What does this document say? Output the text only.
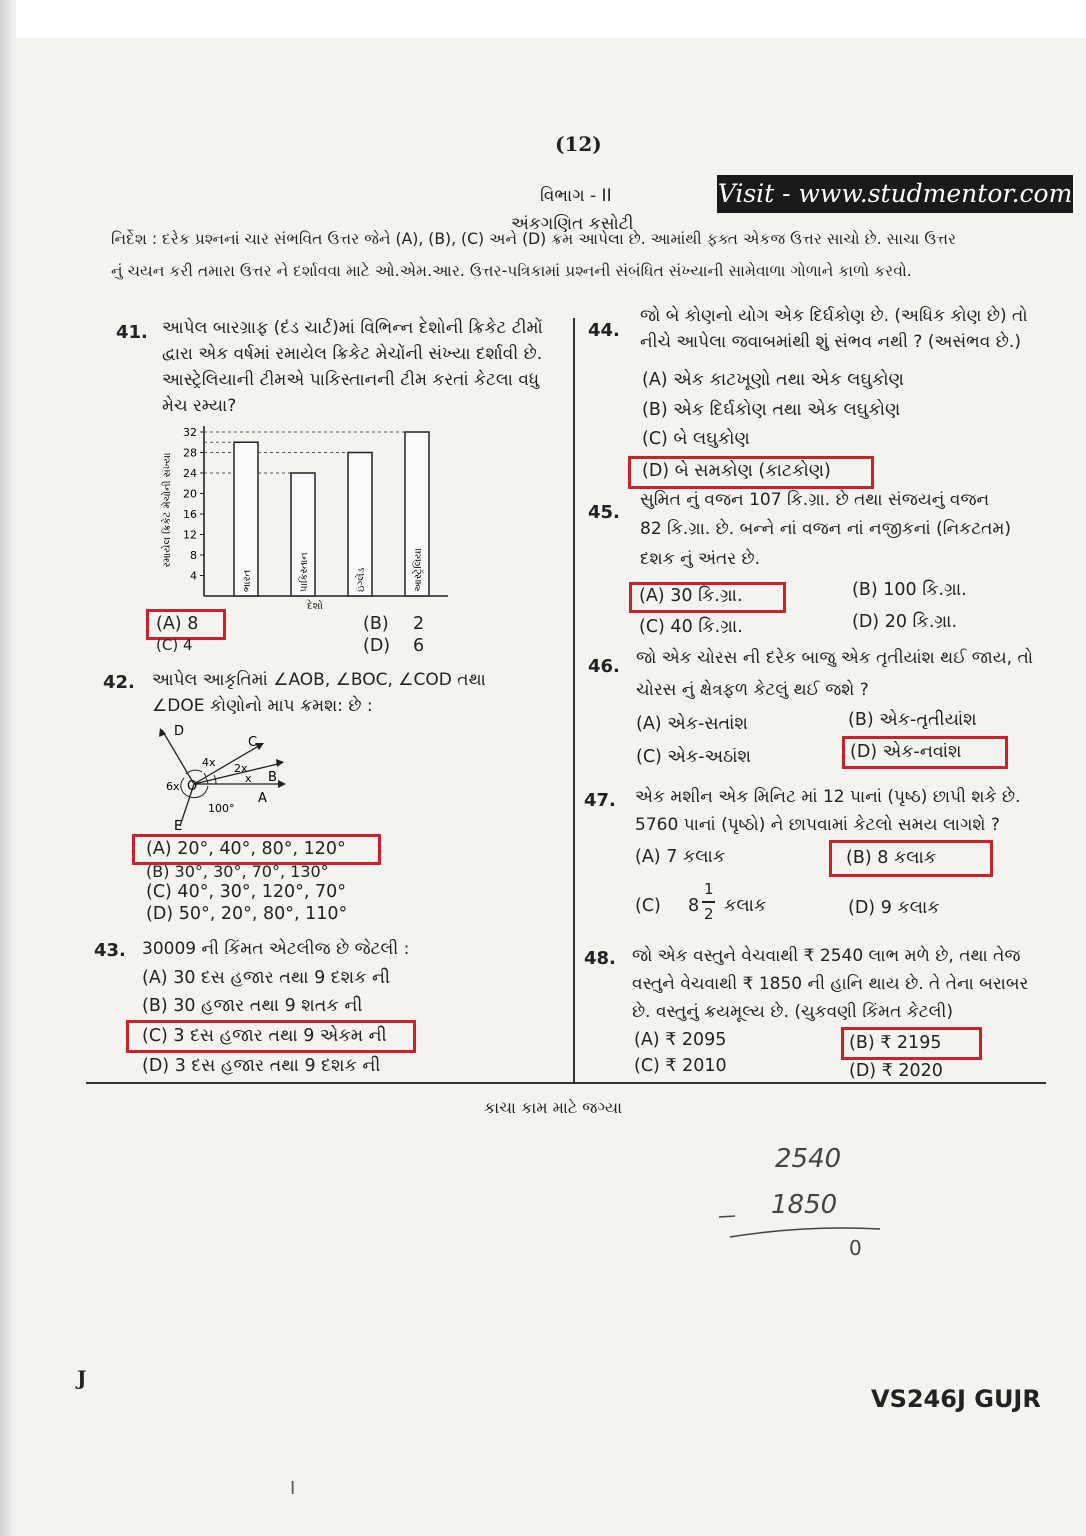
(12)
Visit - www.studmentor.com
વિભાગ - II
અંકગણિત કસોટી
નિર્દેશ : દરેક પ્રશ્નનાં ચાર સંભવિત ઉત્તર જેને (A), (B), (C) અને (D) ક્રમ આપેલા છે. આમાંથી ફક્ત એકજ ઉત્તર સાચો છે. સાચા ઉત્તર
નું ચયન કરી તમારા ઉત્તર ને દર્શાવવા માટે ઓ.એમ.આર. ઉત્તર-પત્રિકામાં પ્રશ્નની સંબંધિત સંખ્યાની સામેવાળા ગોળાને કાળો કરવો.
41. આપેલ બારગ્રાફ (દંડ ચાર્ટ)માં વિભિન્ન દેશોની ક્રિકેટ ટીમોં
દ્વારા એક વર્ષમાં રમાયેલ ક્રિકેટ મેચોંની સંખ્યા દર્શાવી છે.
આસ્ટ્રેલિયાની ટીમએ પાકિસ્તાનની ટીમ કરતાં કેટલા વધુ
મેચ રમ્યા?
4
8
12
16
20
24
28
32
ભારત	પાકિસ્તાન	ઇંગ્લેંડ	આસ્ટ્રેલિયા
રમાયેલ ક્રિકેટ મેચોની સંખ્યા
દેશો
(A) 8
(C) 4
(B) 2
(D) 6
42. આપેલ આકૃતિમાં ∠AOB, ∠BOC, ∠COD તથા
∠DOE કોણોનો માપ ક્રમશ: છે :
D
C
B
A
E
O
4x 2x
x
6x
100°
(A) 20°, 40°, 80°, 120°
(B) 30°, 30°, 70°, 130°
(C) 40°, 30°, 120°, 70°
(D) 50°, 20°, 80°, 110°
43. 30009 ની કિંમત એટલીજ છે જેટલી :
(A) 30 દસ હજાર તથા 9 દશક ની
(B) 30 હજાર તથા 9 શતક ની
(C) 3 દસ હજાર તથા 9 એકમ ની
(D) 3 દસ હજાર તથા 9 દશક ની
44.
જો બે કોણનો યોગ એક દિર્ઘકોણ છે. (અધિક કોણ છે) તો
નીચે આપેલા જવાબમાંથી શું સંભવ નથી ? (અસંભવ છે.)
(A) એક કાટખૂણો તથા એક લઘુકોણ
(B) એક દિર્ઘકોણ તથા એક લઘુકોણ
(C) બે લઘુકોણ
(D) બે સમકોણ (કાટકોણ)
45.
સુમિત નું વજન 107 કિ.ગ્રા. છે તથા સંજયનું વજન
82 કિ.ગ્રા. છે. બન્ને નાં વજન નાં નજીકનાં (નિકટતમ)
દશક નું અંતર છે.
(A) 30 કિ.ગ્રા.	(B) 100 કિ.ગ્રા.
(C) 40 કિ.ગ્રા.	(D) 20 કિ.ગ્રા.
46. જો એક ચોરસ ની દરેક બાજુ એક તૃતીયાંશ થઈ જાય, તો
ચોરસ નું ક્ષેત્રફળ કેટલું થઈ જશે ?
(A) એક-સતાંશ	(B) એક-તૃતીયાંશ
(C) એક-અઠાંશ	(D) એક-નવાંશ
47. એક મશીન એક મિનિટ માં 12 પાનાં (પૃષ્ઠ) છાપી શકે છે.
5760 પાનાં (પૃષ્ઠો) ને છાપવામાં કેટલો સમય લાગશે ?
(A) 7 કલાક	(B) 8 કલાક
(C) 8
1
2 કલાક	(D) 9 કલાક
48. જો એક વસ્તુને વેચવાથી ₹ 2540 લાભ મળે છે, તથા તેજ
વસ્તુને વેચવાથી ₹ 1850 ની હાનિ થાય છે. તે તેના બરાબર
છે. વસ્તુનું ક્રયમૂલ્ય છે. (ચુકવણી કિંમત કેટલી)
(A) ₹ 2095	(B) ₹ 2195
(C) ₹ 2010	(D) ₹ 2020
કાચા કામ માટે જગ્યા
2540
1850
0
J
VS246J GUJR
I
